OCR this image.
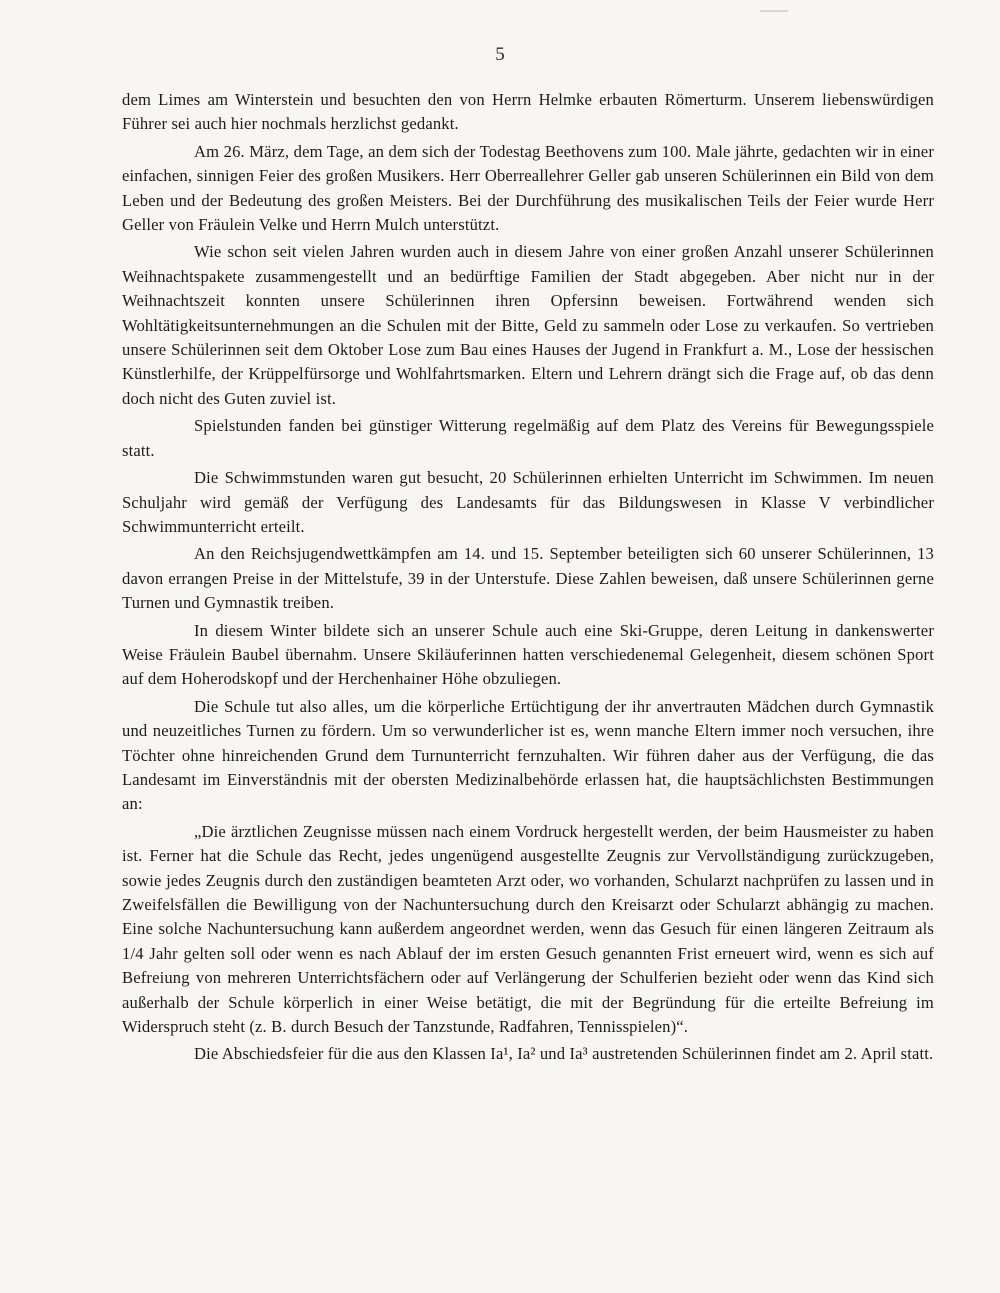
5

dem Limes am Winterstein und besuchten den von Herrn Helmke erbauten Römerturm. Unserem liebenswürdigen Führer sei auch hier nochmals herzlichst gedankt.

Am 26. März, dem Tage, an dem sich der Todestag Beethovens zum 100. Male jährte, gedachten wir in einer einfachen, sinnigen Feier des großen Musikers. Herr Oberreallehrer Geller gab unseren Schülerinnen ein Bild von dem Leben und der Bedeutung des großen Meisters. Bei der Durchführung des musikalischen Teils der Feier wurde Herr Geller von Fräulein Velke und Herrn Mulch unterstützt.

Wie schon seit vielen Jahren wurden auch in diesem Jahre von einer großen Anzahl unserer Schülerinnen Weihnachtspakete zusammengestellt und an bedürftige Familien der Stadt abgegeben. Aber nicht nur in der Weihnachtszeit konnten unsere Schülerinnen ihren Opfersinn beweisen. Fortwährend wenden sich Wohltätigkeitsunternehmungen an die Schulen mit der Bitte, Geld zu sammeln oder Lose zu verkaufen. So vertrieben unsere Schülerinnen seit dem Oktober Lose zum Bau eines Hauses der Jugend in Frankfurt a. M., Lose der hessischen Künstlerhilfe, der Krüppelfürsorge und Wohlfahrtsmarken. Eltern und Lehrern drängt sich die Frage auf, ob das denn doch nicht des Guten zuviel ist.

Spielstunden fanden bei günstiger Witterung regelmäßig auf dem Platz des Vereins für Bewegungsspiele statt.

Die Schwimmstunden waren gut besucht, 20 Schülerinnen erhielten Unterricht im Schwimmen. Im neuen Schuljahr wird gemäß der Verfügung des Landesamts für das Bildungswesen in Klasse V verbindlicher Schwimmunterricht erteilt.

An den Reichsjugendwettkämpfen am 14. und 15. September beteiligten sich 60 unserer Schülerinnen, 13 davon errangen Preise in der Mittelstufe, 39 in der Unterstufe. Diese Zahlen beweisen, daß unsere Schülerinnen gerne Turnen und Gymnastik treiben.

In diesem Winter bildete sich an unserer Schule auch eine Ski-Gruppe, deren Leitung in dankenswerter Weise Fräulein Baubel übernahm. Unsere Skiläuferinnen hatten verschiedenemal Gelegenheit, diesem schönen Sport auf dem Hoherodskopf und der Herchenhainer Höhe obzuliegen.

Die Schule tut also alles, um die körperliche Ertüchtigung der ihr anvertrauten Mädchen durch Gymnastik und neuzeitliches Turnen zu fördern. Um so verwunderlicher ist es, wenn manche Eltern immer noch versuchen, ihre Töchter ohne hinreichenden Grund dem Turnunterricht fernzuhalten. Wir führen daher aus der Verfügung, die das Landesamt im Einverständnis mit der obersten Medizinalbehörde erlassen hat, die hauptsächlichsten Bestimmungen an:

„Die ärztlichen Zeugnisse müssen nach einem Vordruck hergestellt werden, der beim Hausmeister zu haben ist. Ferner hat die Schule das Recht, jedes ungenügend ausgestellte Zeugnis zur Vervollständigung zurückzugeben, sowie jedes Zeugnis durch den zuständigen beamteten Arzt oder, wo vorhanden, Schularzt nachprüfen zu lassen und in Zweifelsfällen die Bewilligung von der Nachuntersuchung durch den Kreisarzt oder Schularzt abhängig zu machen. Eine solche Nachuntersuchung kann außerdem angeordnet werden, wenn das Gesuch für einen längeren Zeitraum als 1/4 Jahr gelten soll oder wenn es nach Ablauf der im ersten Gesuch genannten Frist erneuert wird, wenn es sich auf Befreiung von mehreren Unterrichtsfächern oder auf Verlängerung der Schulferien bezieht oder wenn das Kind sich außerhalb der Schule körperlich in einer Weise betätigt, die mit der Begründung für die erteilte Befreiung im Widerspruch steht (z. B. durch Besuch der Tanzstunde, Radfahren, Tennisspielen)“.

Die Abschiedsfeier für die aus den Klassen Ia¹, Ia² und Ia³ austretenden Schülerinnen findet am 2. April statt.
